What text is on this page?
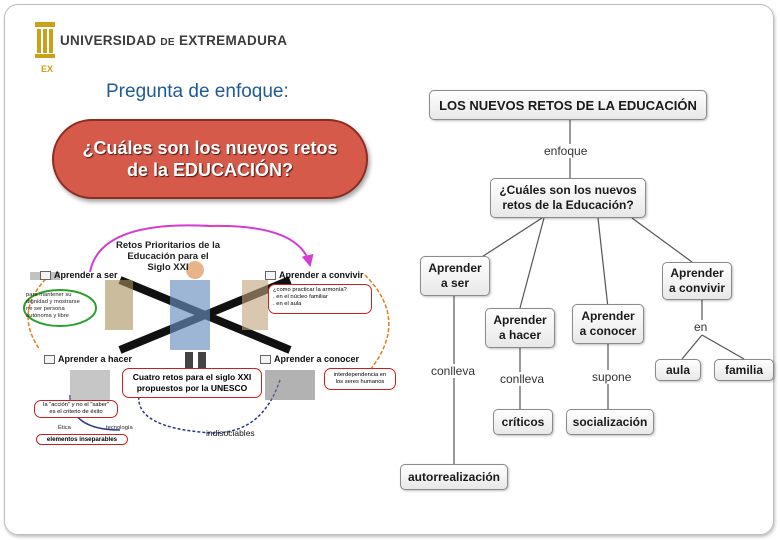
EX
UNIVERSIDAD DE EXTREMADURA
Pregunta de enfoque:
¿Cuáles son los nuevos retos
de la EDUCACIÓN?
Retos Prioritarios de la
Educación para el
Siglo XXI
Aprender a ser	Aprender a convivir
Aprender a hacer	Aprender a conocer
para mantener su
dignidad y mostrarse
ne ser persona
autónoma y libre
¿como practicar la armonía?
. en el núcleo familiar
. en el aula
Cuatro retos para el siglo XXI
propuestos por la UNESCO
interdependencia en
los seres humanos
la "acción" y no el "saber"
es el criterio de éxito
Ética	tecnología
elementos inseparables
indisociables
LOS NUEVOS RETOS DE LA EDUCACIÓN
enfoque
¿Cuáles son los nuevos
retos de la Educación?
Aprender
a ser
Aprender
a convivir
Aprender
a hacer
Aprender
a conocer	en
aula	familia
conlleva
conlleva	supone
críticos	socialización
autorrealización
